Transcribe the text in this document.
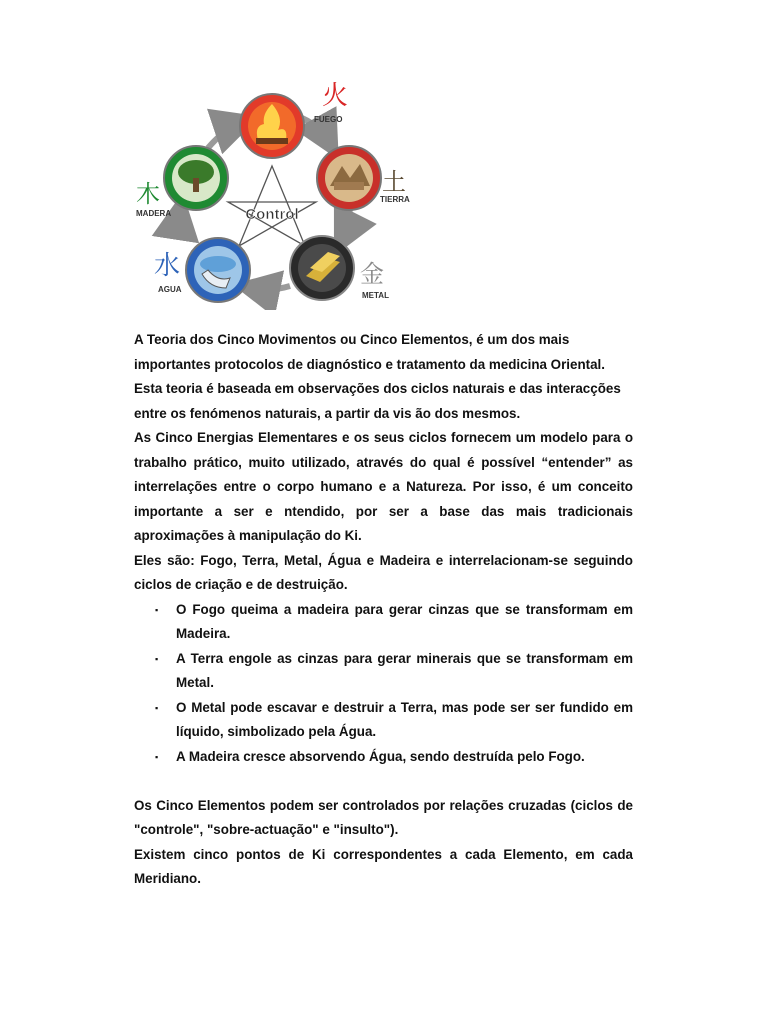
Control
火
FUEGO
土
TIERRA
金
METAL
水
AGUA
木
MADERA

A Teoria dos Cinco Movimentos ou Cinco Elementos, é um dos mais importantes protocolos de diagnóstico e tratamento da medicina Oriental. Esta teoria é baseada em observações dos ciclos naturais e das interacções entre os fenómenos naturais, a partir da vis ão dos mesmos.

As Cinco Energias Elementares e os seus ciclos fornecem um modelo para o trabalho prático, muito utilizado, através do qual é possível “entender” as interrelações entre o corpo humano e a Natureza. Por isso, é um conceito importante a ser e ntendido, por ser a base das mais tradicionais aproximações à manipulação do Ki.

Eles são: Fogo, Terra, Metal, Água e Madeira e interrelacionam-se seguindo ciclos de criação e de destruição.

▪ O Fogo queima a madeira para gerar cinzas que se transformam em Madeira.
▪ A Terra engole as cinzas para gerar minerais que se transformam em Metal.
▪ O Metal pode escavar e destruir a Terra, mas pode ser ser fundido em líquido, simbolizado pela Água.
▪ A Madeira cresce absorvendo Água, sendo destruída pelo Fogo.

Os Cinco Elementos podem ser controlados por relações cruzadas (ciclos de "controle", "sobre-actuação" e "insulto").

Existem cinco pontos de Ki correspondentes a cada Elemento, em cada Meridiano.
